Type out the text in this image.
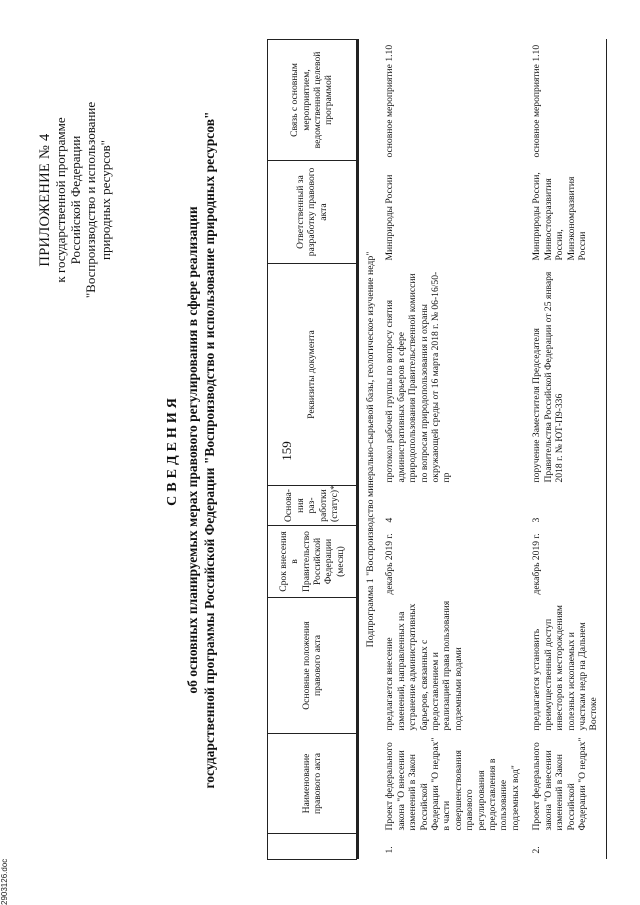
159
ПРИЛОЖЕНИЕ № 4 к государственной программе Российской Федерации "Воспроизводство и использование природных ресурсов"
СВЕДЕНИЯ об основных планируемых мерах правового регулирования в сфере реализации государственной программы Российской Федерации "Воспроизводство и использование природных ресурсов"
		Наименование правового акта	Основные положения правового акта	Срок внесения в Правительство Российской Федерации (месяц)	Основа-ния раз-работки (статус)*	Реквизиты документа	Ответственный за разработку правового акта	Связь с основным мероприятием, ведомственной целевой программой

Подпрограмма 1 "Воспроизводство минерально-сырьевой базы, геологическое изучение недр"							
1.	Проект федерального закона "О внесении изменений в Закон Российской Федерации "О недрах" в части совершенствования правового регулирования предоставления в пользование подземных вод"	предлагается внесение изменений, направленных на устранение административных барьеров, связанных с предоставлением и реализацией права пользования подземными водами	декабрь 2019 г.	4	протокол рабочей группы по вопросу снятия административных барьеров в сфере природопользования Правительственной комиссии по вопросам природопользования и охраны окружающей среды от 16 марта 2018 г. № 06-16/50-пр	Минприроды России	основное мероприятие 1.10
2.	Проект федерального закона "О внесении изменений в Закон Российской Федерации "О недрах"	предлагается установить преимущественный доступ инвесторов к месторождениям полезных ископаемых и участкам недр на Дальнем Востоке	декабрь 2019 г.	3	поручение Заместителя Председателя Правительства Российской Федерации от 25 января 2018 г. № ЮТ-П9-336	Минприроды России, Минвостокразвития России, Минэкономразвития России	основное мероприятие 1.10
2903126.doc
